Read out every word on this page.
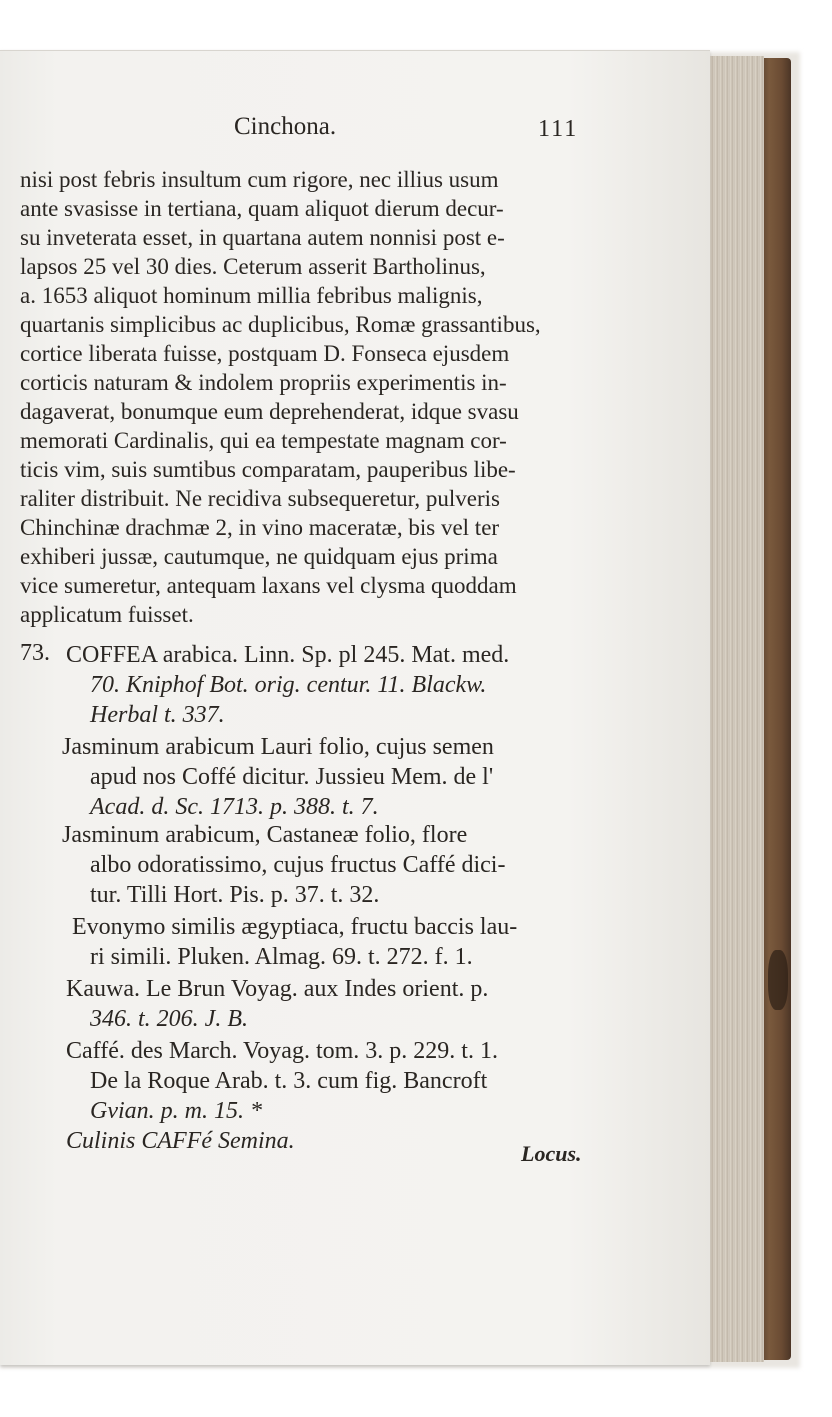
Cinchona.	111
nisi post febris insultum cum rigore, nec illius usum
ante svasisse in tertiana, quam aliquot dierum decur-
su inveterata esset, in quartana autem nonnisi post e-
lapsos 25 vel 30 dies. Ceterum asserit Bartholinus,
a. 1653 aliquot hominum millia febribus malignis,
quartanis simplicibus ac duplicibus, Romæ grassantibus,
cortice liberata fuisse, postquam D. Fonseca ejusdem
corticis naturam & indolem propriis experimentis in-
dagaverat, bonumque eum deprehenderat, idque svasu
memorati Cardinalis, qui ea tempestate magnam cor-
ticis vim, suis sumtibus comparatam, pauperibus libe-
raliter distribuit. Ne recidiva subsequeretur, pulveris
Chinchinæ drachmæ 2, in vino maceratæ, bis vel ter
exhiberi jussæ, cautumque, ne quidquam ejus prima
vice sumeretur, antequam laxans vel clysma quoddam
applicatum fuisset.
73. COFFEA arabica. Linn. Sp. pl 245. Mat. med.
70. Kniphof Bot. orig. centur. 11. Blackw.
Herbal t. 337.
Jasminum arabicum Lauri folio, cujus semen
apud nos Coffé dicitur. Jussieu Mem. de l'
Acad. d. Sc. 1713. p. 388. t. 7.
Jasminum arabicum, Castaneæ folio, flore
albo odoratissimo, cujus fructus Caffé dici-
tur. Tilli Hort. Pis. p. 37. t. 32.
Evonymo similis ægyptiaca, fructu baccis lau-
ri simili. Pluken. Almag. 69. t. 272. f. 1.
Kauwa. Le Brun Voyag. aux Indes orient. p.
346. t. 206. J. B.
Caffé. des March. Voyag. tom. 3. p. 229. t. 1.
De la Roque Arab. t. 3. cum fig. Bancroft
Gvian. p. m. 15. *
Culinis CAFFé Semina.	Locus.
